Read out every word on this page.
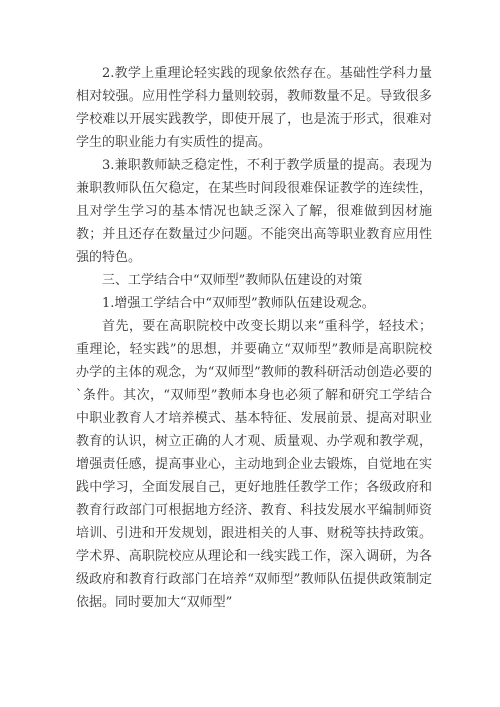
2.教学上重理论轻实践的现象依然存在。基础性学科力量相对较强。应用性学科力量则较弱，教师数量不足。导致很多学校难以开展实践教学，即使开展了，也是流于形式，很难对学生的职业能力有实质性的提高。

3.兼职教师缺乏稳定性，不利于教学质量的提高。表现为兼职教师队伍欠稳定，在某些时间段很难保证教学的连续性，且对学生学习的基本情况也缺乏深入了解，很难做到因材施教；并且还存在数量过少问题。不能突出高等职业教育应用性强的特色。

三、工学结合中“双师型”教师队伍建设的对策

1.增强工学结合中“双师型”教师队伍建设观念。

首先，要在高职院校中改变长期以来“重科学，轻技术；重理论，轻实践”的思想，并要确立“双师型”教师是高职院校办学的主体的观念，为“双师型”教师的教科研活动创造必要的`条件。其次，“双师型”教师本身也必须了解和研究工学结合中职业教育人才培养模式、基本特征、发展前景、提高对职业教育的认识，树立正确的人才观、质量观、办学观和教学观，增强责任感，提高事业心，主动地到企业去锻炼，自觉地在实践中学习，全面发展自己，更好地胜任教学工作；各级政府和教育行政部门可根据地方经济、教育、科技发展水平编制师资培训、引进和开发规划，跟进相关的人事、财税等扶持政策。学术界、高职院校应从理论和一线实践工作，深入调研，为各级政府和教育行政部门在培养“双师型”教师队伍提供政策制定依据。同时要加大“双师型”
